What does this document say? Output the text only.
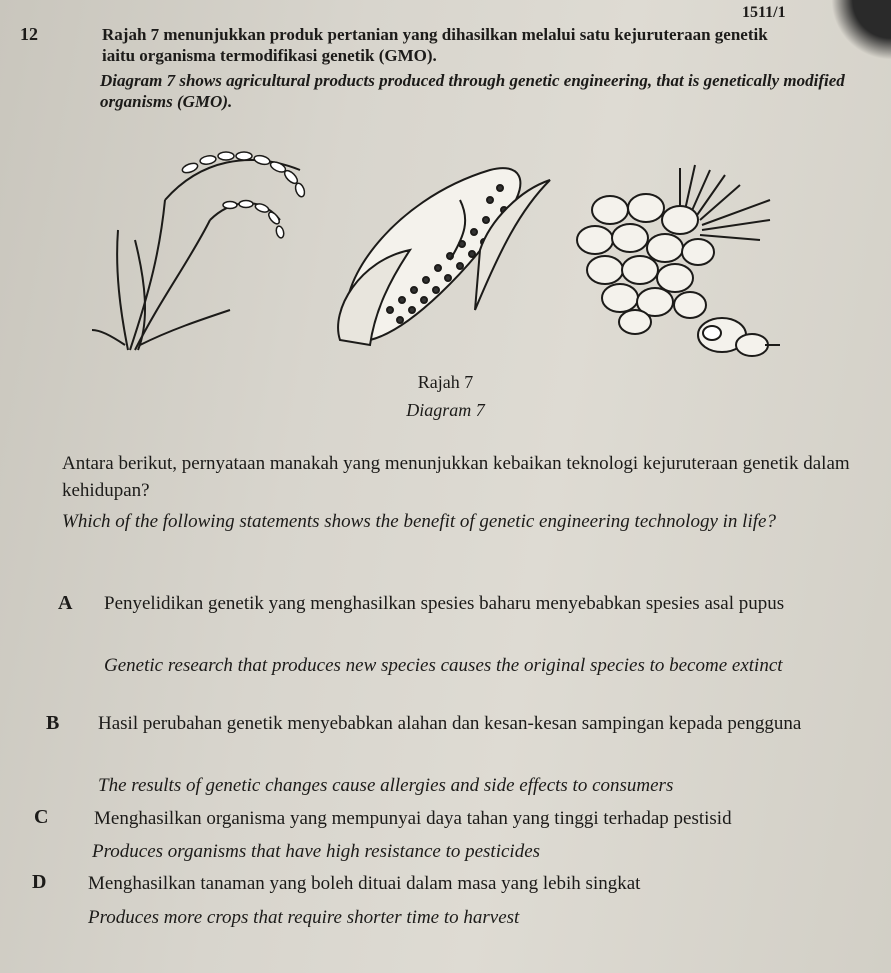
1511/1
12	Rajah 7 menunjukkan produk pertanian yang dihasilkan melalui satu kejuruteraan genetik iaitu organisma termodifikasi genetik (GMO).
Diagram 7 shows agricultural products produced through genetic engineering, that is genetically modified organisms (GMO).
Rajah 7
Diagram 7
Antara berikut, pernyataan manakah yang menunjukkan kebaikan teknologi kejuruteraan genetik dalam kehidupan?
Which of the following statements shows the benefit of genetic engineering technology in life?
A Penyelidikan genetik yang menghasilkan spesies baharu menyebabkan spesies asal pupus
Genetic research that produces new species causes the original species to become extinct
B Hasil perubahan genetik menyebabkan alahan dan kesan-kesan sampingan kepada pengguna
The results of genetic changes cause allergies and side effects to consumers
C Menghasilkan organisma yang mempunyai daya tahan yang tinggi terhadap pestisid
Produces organisms that have high resistance to pesticides
D Menghasilkan tanaman yang boleh dituai dalam masa yang lebih singkat
Produces more crops that require shorter time to harvest
